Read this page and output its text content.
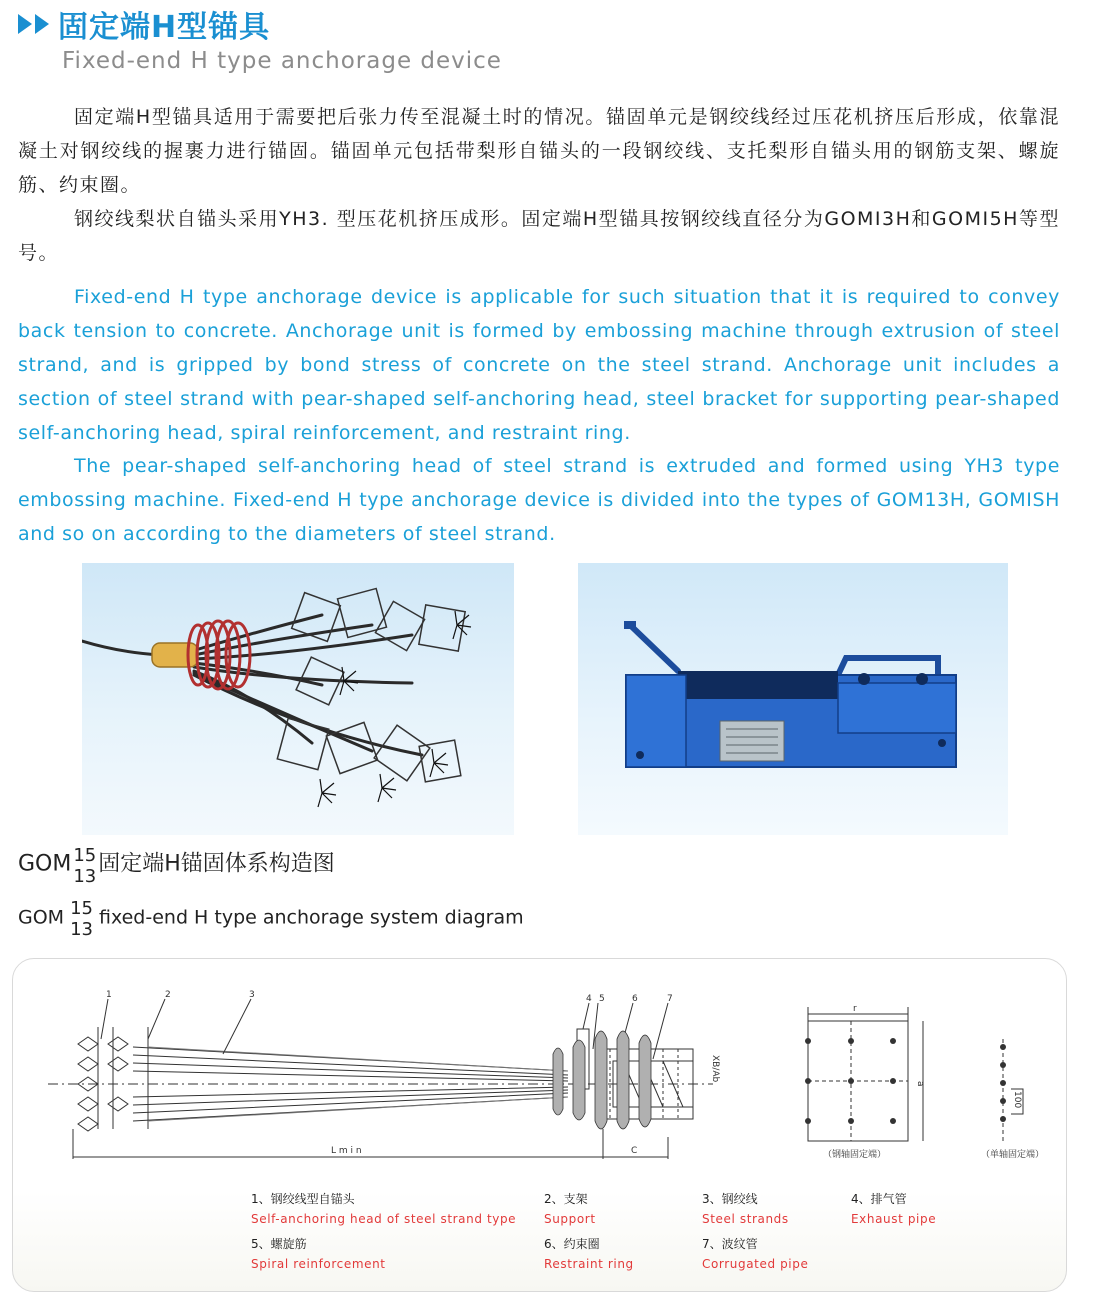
固定端H型锚具
Fixed-end H type anchorage device
固定端H型锚具适用于需要把后张力传至混凝土时的情况。锚固单元是钢绞线经过压花机挤压后形成，依靠混凝土对钢绞线的握裹力进行锚固。锚固单元包括带梨形自锚头的一段钢绞线、支托梨形自锚头用的钢筋支架、螺旋筋、约束圈。
钢绞线梨状自锚头采用YH3. 型压花机挤压成形。固定端H型锚具按钢绞线直径分为GOMI3H和GOMI5H等型号。
Fixed-end H type anchorage device is applicable for such situation that it is required to convey back tension to concrete. Anchorage unit is formed by embossing machine through extrusion of steel strand, and is gripped by bond stress of concrete on the steel strand. Anchorage unit includes a section of steel strand with pear-shaped self-anchoring head, steel bracket for supporting pear-shaped self-anchoring head, spiral reinforcement, and restraint ring.
The pear-shaped self-anchoring head of steel strand is extruded and formed using YH3 type embossing machine. Fixed-end H type anchorage device is divided into the types of GOM13H, GOMISH and so on according to the diameters of steel strand.
GOM 15
13 固定端H锚固体系构造图
GOM 15
13
fixed-end H type anchorage system diagram
1	2	3	4 5	6	7
L m i n	C
r
XB/Ab
a
100
（钢轴固定端）	（单轴固定端）
1、钢绞线型自锚头
Self-anchoring head of steel strand type
2、支架
Support
3、钢绞线
Steel strands
4、排气管
Exhaust pipe
5、螺旋筋
Spiral reinforcement
6、约束圈
Restraint ring
7、波纹管
Corrugated pipe
